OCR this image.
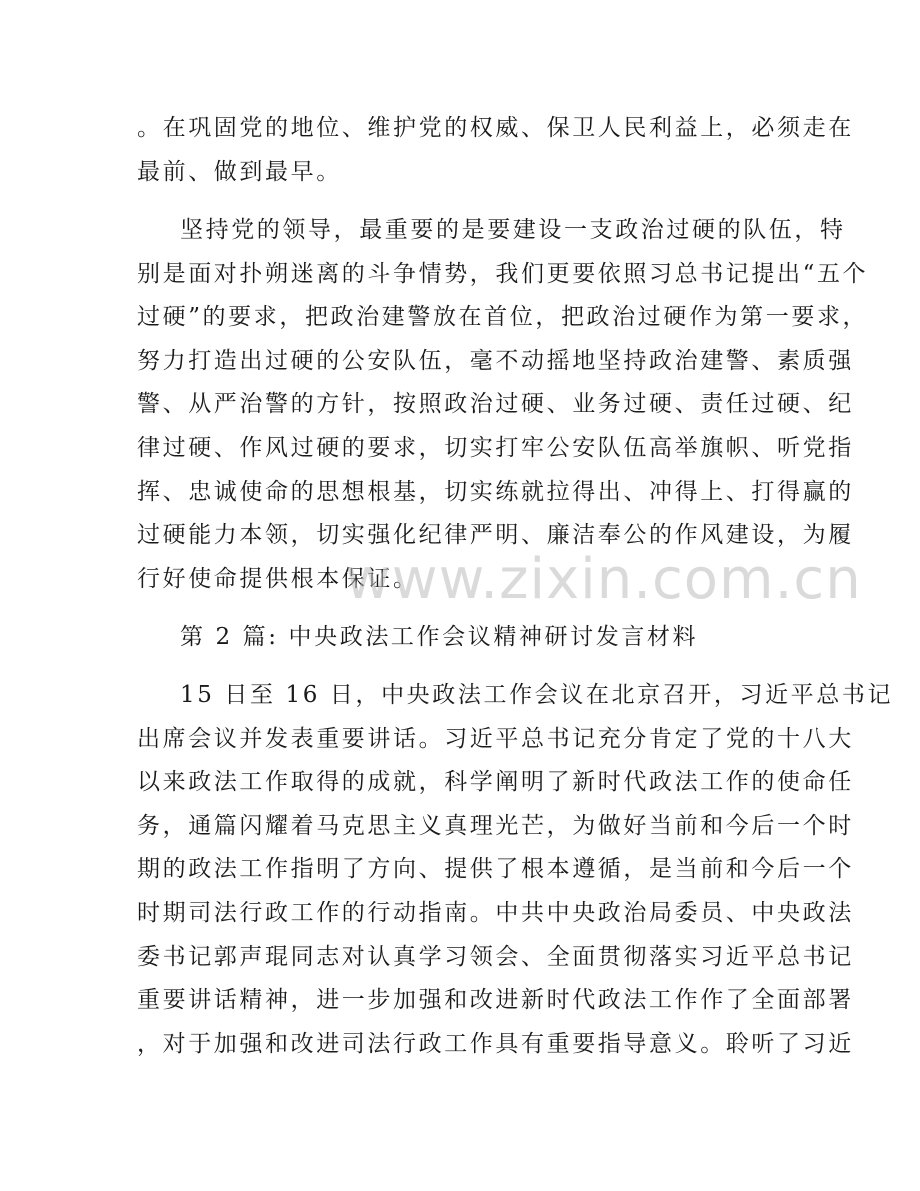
。在巩固党的地位、维护党的权威、保卫人民利益上，必须走在
最前、做到最早。
坚持党的领导，最重要的是要建设一支政治过硬的队伍，特
别是面对扑朔迷离的斗争情势，我们更要依照习总书记提出“五个
过硬”的要求，把政治建警放在首位，把政治过硬作为第一要求，
努力打造出过硬的公安队伍，毫不动摇地坚持政治建警、素质强
警、从严治警的方针，按照政治过硬、业务过硬、责任过硬、纪
律过硬、作风过硬的要求，切实打牢公安队伍高举旗帜、听党指
挥、忠诚使命的思想根基，切实练就拉得出、冲得上、打得赢的
过硬能力本领，切实强化纪律严明、廉洁奉公的作风建设，为履
行好使命提供根本保证。
第 2 篇: 中央政法工作会议精神研讨发言材料
15 日至 16 日，中央政法工作会议在北京召开，习近平总书记
出席会议并发表重要讲话。习近平总书记充分肯定了党的十八大
以来政法工作取得的成就，科学阐明了新时代政法工作的使命任
务，通篇闪耀着马克思主义真理光芒，为做好当前和今后一个时
期的政法工作指明了方向、提供了根本遵循，是当前和今后一个
时期司法行政工作的行动指南。中共中央政治局委员、中央政法
委书记郭声琨同志对认真学习领会、全面贯彻落实习近平总书记
重要讲话精神，进一步加强和改进新时代政法工作作了全面部署
，对于加强和改进司法行政工作具有重要指导意义。聆听了习近
www.zixin.com.cn
